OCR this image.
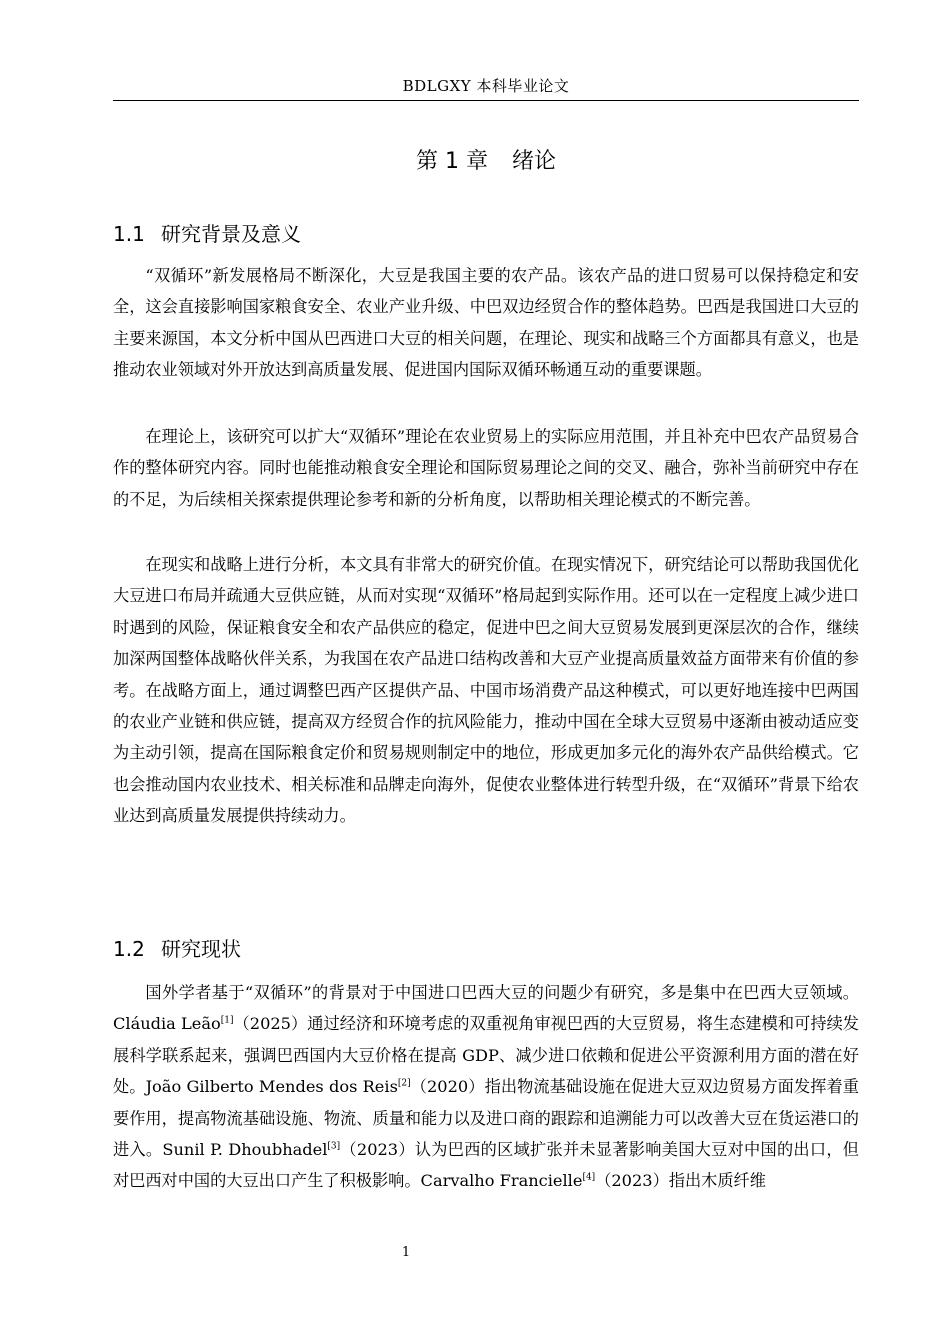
BDLGXY 本科毕业论文
第 1 章 绪论
1.1 研究背景及意义

“双循环”新发展格局不断深化，大豆是我国主要的农产品。该农产品的进口贸易可以保持稳定和安全，这会直接影响国家粮食安全、农业产业升级、中巴双边经贸合作的整体趋势。巴西是我国进口大豆的主要来源国，本文分析中国从巴西进口大豆的相关问题，在理论、现实和战略三个方面都具有意义，也是推动农业领域对外开放达到高质量发展、促进国内国际双循环畅通互动的重要课题。

在理论上，该研究可以扩大“双循环”理论在农业贸易上的实际应用范围，并且补充中巴农产品贸易合作的整体研究内容。同时也能推动粮食安全理论和国际贸易理论之间的交叉、融合，弥补当前研究中存在的不足，为后续相关探索提供理论参考和新的分析角度，以帮助相关理论模式的不断完善。

在现实和战略上进行分析，本文具有非常大的研究价值。在现实情况下，研究结论可以帮助我国优化大豆进口布局并疏通大豆供应链，从而对实现“双循环”格局起到实际作用。还可以在一定程度上减少进口时遇到的风险，保证粮食安全和农产品供应的稳定，促进中巴之间大豆贸易发展到更深层次的合作，继续加深两国整体战略伙伴关系，为我国在农产品进口结构改善和大豆产业提高质量效益方面带来有价值的参考。在战略方面上，通过调整巴西产区提供产品、中国市场消费产品这种模式，可以更好地连接中巴两国的农业产业链和供应链，提高双方经贸合作的抗风险能力，推动中国在全球大豆贸易中逐渐由被动适应变为主动引领，提高在国际粮食定价和贸易规则制定中的地位，形成更加多元化的海外农产品供给模式。它也会推动国内农业技术、相关标准和品牌走向海外，促使农业整体进行转型升级，在“双循环”背景下给农业达到高质量发展提供持续动力。

1.2 研究现状

国外学者基于“双循环”的背景对于中国进口巴西大豆的问题少有研究，多是集中在巴西大豆领域。Cláudia Leão[1]（2025）通过经济和环境考虑的双重视角审视巴西的大豆贸易，将生态建模和可持续发展科学联系起来，强调巴西国内大豆价格在提高 GDP、减少进口依赖和促进公平资源利用方面的潜在好处。João Gilberto Mendes dos Reis[2]（2020）指出物流基础设施在促进大豆双边贸易方面发挥着重要作用，提高物流基础设施、物流、质量和能力以及进口商的跟踪和追溯能力可以改善大豆在货运港口的进入。Sunil P. Dhoubhadel[3]（2023）认为巴西的区域扩张并未显著影响美国大豆对中国的出口，但对巴西对中国的大豆出口产生了积极影响。Carvalho Francielle[4]（2023）指出木质纤维

1
